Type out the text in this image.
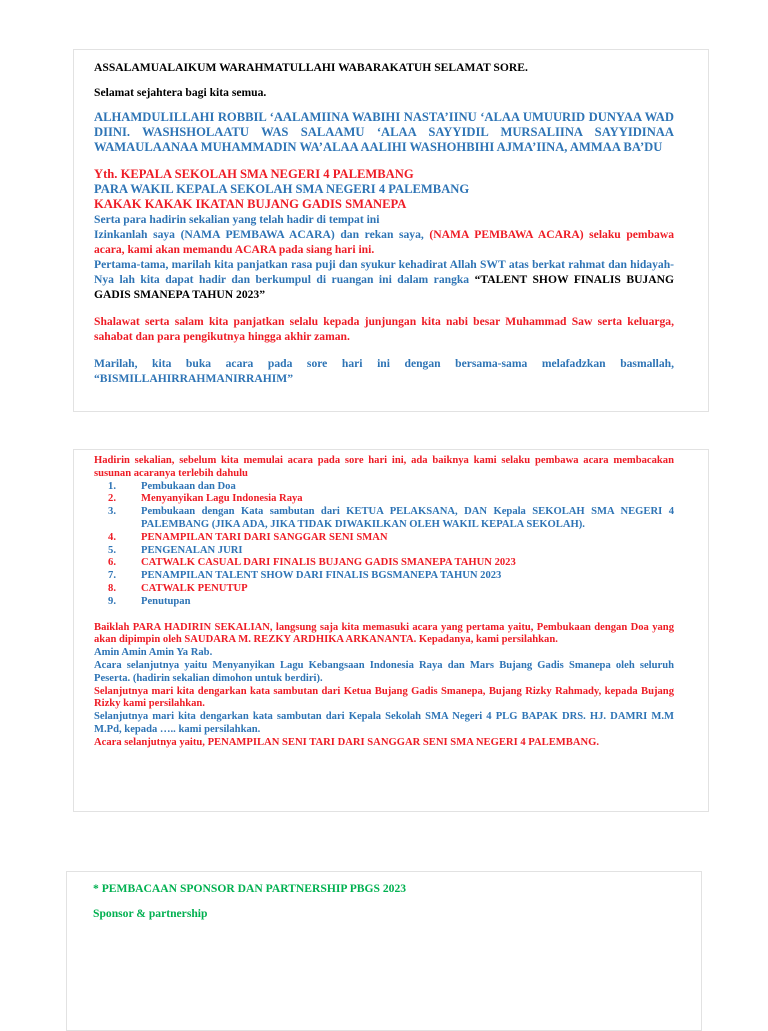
ASSALAMUALAIKUM WARAHMATULLAHI WABARAKATUH SELAMAT SORE.

Selamat sejahtera bagi kita semua.

ALHAMDULILLAHI ROBBIL ‘AALAMIINA WABIHI NASTA’IINU ‘ALAA UMUURID DUNYAA WAD DIINI. WASHSHOLAATU WAS SALAAMU ‘ALAA SAYYIDIL MURSALIINA SAYYIDINAA WAMAULAANAA MUHAMMADIN WA’ALAA AALIHI WASHOHBIHI AJMA’IINA, AMMAA BA’DU

Yth. KEPALA SEKOLAH SMA NEGERI 4 PALEMBANG

PARA WAKIL KEPALA SEKOLAH SMA NEGERI 4 PALEMBANG

KAKAK KAKAK IKATAN BUJANG GADIS SMANEPA

Serta para hadirin sekalian yang telah hadir di tempat ini

Izinkanlah saya (NAMA PEMBAWA ACARA) dan rekan saya, (NAMA PEMBAWA ACARA) selaku pembawa acara, kami akan memandu ACARA pada siang hari ini.

Pertama-tama, marilah kita panjatkan rasa puji dan syukur kehadirat Allah SWT atas berkat rahmat dan hidayah-Nya lah kita dapat hadir dan berkumpul di ruangan ini dalam rangka “TALENT SHOW FINALIS BUJANG GADIS SMANEPA TAHUN 2023”

Shalawat serta salam kita panjatkan selalu kepada junjungan kita nabi besar Muhammad Saw serta keluarga, sahabat dan para pengikutnya hingga akhir zaman.

Marilah, kita buka acara pada sore hari ini dengan bersama-sama melafadzkan basmallah, “BISMILLAHIRRAHMANIRRAHIM”

Hadirin sekalian, sebelum kita memulai acara pada sore hari ini, ada baiknya kami selaku pembawa acara membacakan susunan acaranya terlebih dahulu

1. Pembukaan dan Doa
2. Menyanyikan Lagu Indonesia Raya
3. Pembukaan dengan Kata sambutan dari KETUA PELAKSANA, DAN Kepala SEKOLAH SMA NEGERI 4 PALEMBANG (JIKA ADA, JIKA TIDAK DIWAKILKAN OLEH WAKIL KEPALA SEKOLAH).
4. PENAMPILAN TARI DARI SANGGAR SENI SMAN
5. PENGENALAN JURI
6. CATWALK CASUAL DARI FINALIS BUJANG GADIS SMANEPA TAHUN 2023
7. PENAMPILAN TALENT SHOW DARI FINALIS BGSMANEPA TAHUN 2023
8. CATWALK PENUTUP
9. Penutupan

Baiklah PARA HADIRIN SEKALIAN, langsung saja kita memasuki acara yang pertama yaitu, Pembukaan dengan Doa yang akan dipimpin oleh SAUDARA M. REZKY ARDHIKA ARKANANTA. Kepadanya, kami persilahkan.

Amin Amin Amin Ya Rab.

Acara selanjutnya yaitu Menyanyikan Lagu Kebangsaan Indonesia Raya dan Mars Bujang Gadis Smanepa oleh seluruh Peserta. (hadirin sekalian dimohon untuk berdiri).

Selanjutnya mari kita dengarkan kata sambutan dari Ketua Bujang Gadis Smanepa, Bujang Rizky Rahmady, kepada Bujang Rizky kami persilahkan.

Selanjutnya mari kita dengarkan kata sambutan dari Kepala Sekolah SMA Negeri 4 PLG BAPAK DRS. HJ. DAMRI M.M M.Pd, kepada ….. kami persilahkan.

Acara selanjutnya yaitu, PENAMPILAN SENI TARI DARI SANGGAR SENI SMA NEGERI 4 PALEMBANG.

* PEMBACAAN SPONSOR DAN PARTNERSHIP PBGS 2023

Sponsor & partnership
